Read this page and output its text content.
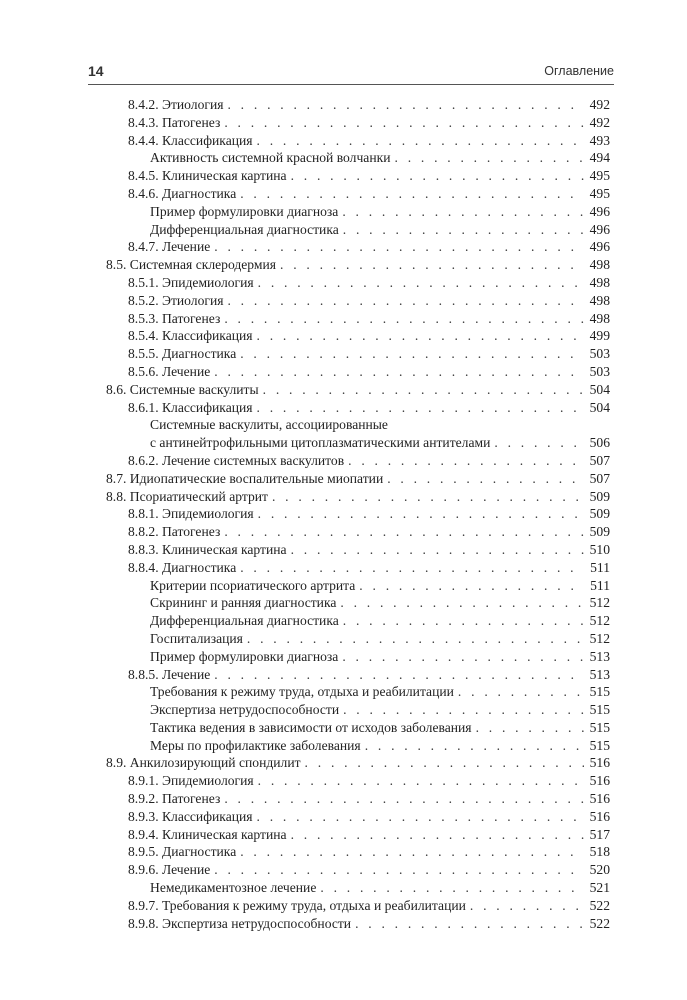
14	Оглавление
8.4.2. Этиология . . .	492
8.4.3. Патогенез . . .	492
8.4.4. Классификация . . .	493
Активность системной красной волчанки . . .	494
8.4.5. Клиническая картина . . .	495
8.4.6. Диагностика . . .	495
Пример формулировки диагноза . . .	496
Дифференциальная диагностика . . .	496
8.4.7. Лечение . . .	496
8.5. Системная склеродермия . . .	498
8.5.1. Эпидемиология . . .	498
8.5.2. Этиология . . .	498
8.5.3. Патогенез . . .	498
8.5.4. Классификация . . .	499
8.5.5. Диагностика . . .	503
8.5.6. Лечение . . .	503
8.6. Системные васкулиты . . .	504
8.6.1. Классификация . . .	504
Системные васкулиты, ассоциированные
с антинейтрофильными цитоплазматическими антителами . . .	506
8.6.2. Лечение системных васкулитов . . .	507
8.7. Идиопатические воспалительные миопатии . . .	507
8.8. Псориатический артрит . . .	509
8.8.1. Эпидемиология . . .	509
8.8.2. Патогенез . . .	509
8.8.3. Клиническая картина . . .	510
8.8.4. Диагностика . . .	511
Критерии псориатического артрита . . .	511
Скрининг и ранняя диагностика . . .	512
Дифференциальная диагностика . . .	512
Госпитализация . . .	512
Пример формулировки диагноза . . .	513
8.8.5. Лечение . . .	513
Требования к режиму труда, отдыха и реабилитации . . .	515
Экспертиза нетрудоспособности . . .	515
Тактика ведения в зависимости от исходов заболевания . . .	515
Меры по профилактике заболевания . . .	515
8.9. Анкилозирующий спондилит . . .	516
8.9.1. Эпидемиология . . .	516
8.9.2. Патогенез . . .	516
8.9.3. Классификация . . .	516
8.9.4. Клиническая картина . . .	517
8.9.5. Диагностика . . .	518
8.9.6. Лечение . . .	520
Немедикаментозное лечение . . .	521
8.9.7. Требования к режиму труда, отдыха и реабилитации . . .	522
8.9.8. Экспертиза нетрудоспособности . . .	522
